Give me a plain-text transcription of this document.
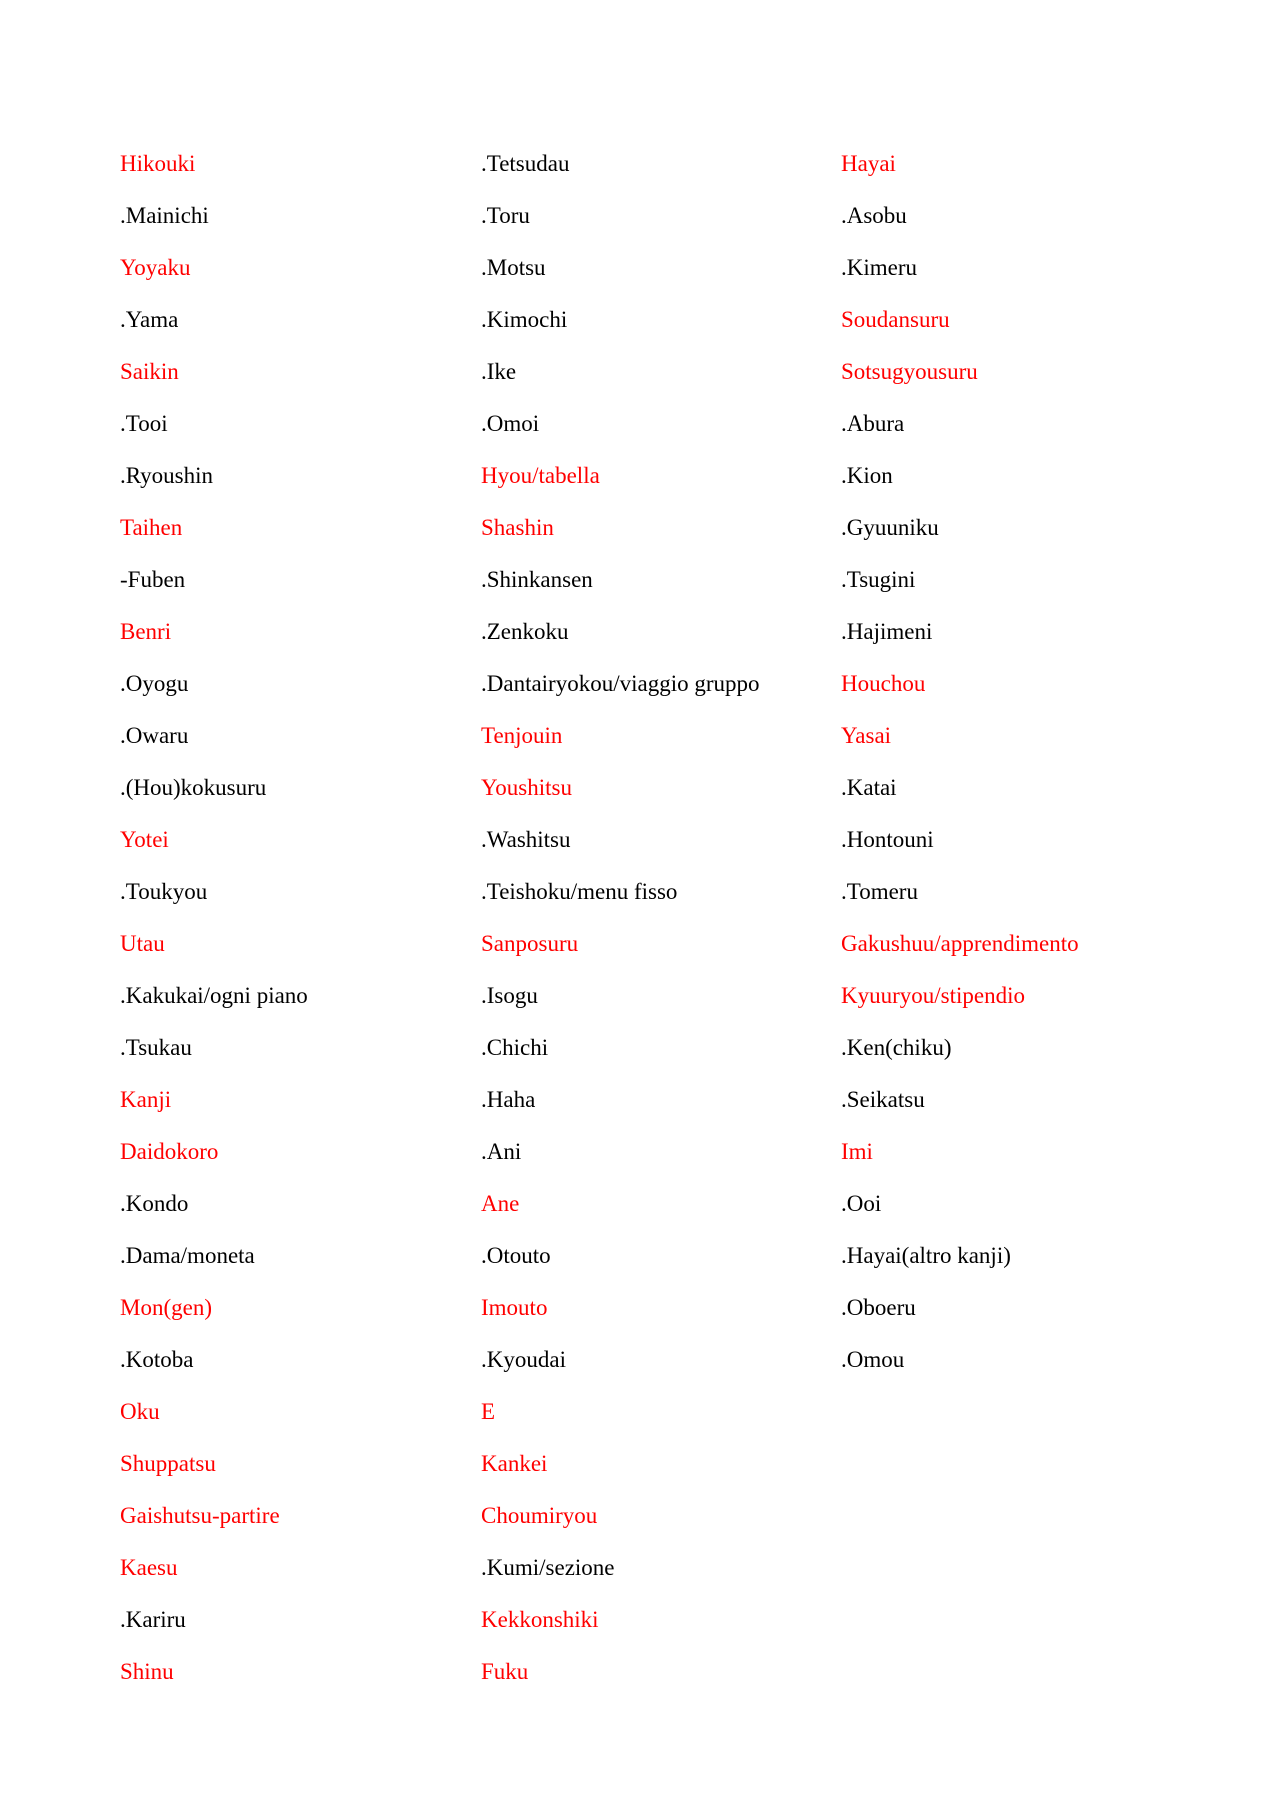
Hikouki
.Mainichi
Yoyaku
.Yama
Saikin
.Tooi
.Ryoushin
Taihen
-Fuben
Benri
.Oyogu
.Owaru
.(Hou)kokusuru
Yotei
.Toukyou
Utau
.Kakukai/ogni piano
.Tsukau
Kanji
Daidokoro
.Kondo
.Dama/moneta
Mon(gen)
.Kotoba
Oku
Shuppatsu
Gaishutsu-partire
Kaesu
.Kariru
Shinu
.Tetsudau
.Toru
.Motsu
.Kimochi
.Ike
.Omoi
Hyou/tabella
Shashin
.Shinkansen
.Zenkoku
.Dantairyokou/viaggio gruppo
Tenjouin
Youshitsu
.Washitsu
.Teishoku/menu fisso
Sanposuru
.Isogu
.Chichi
.Haha
.Ani
Ane
.Otouto
Imouto
.Kyoudai
E
Kankei
Choumiryou
.Kumi/sezione
Kekkonshiki
Fuku
Hayai
.Asobu
.Kimeru
Soudansuru
Sotsugyousuru
.Abura
.Kion
.Gyuuniku
.Tsugini
.Hajimeni
Houchou
Yasai
.Katai
.Hontouni
.Tomeru
Gakushuu/apprendimento
Kyuuryou/stipendio
.Ken(chiku)
.Seikatsu
Imi
.Ooi
.Hayai(altro kanji)
.Oboeru
.Omou
